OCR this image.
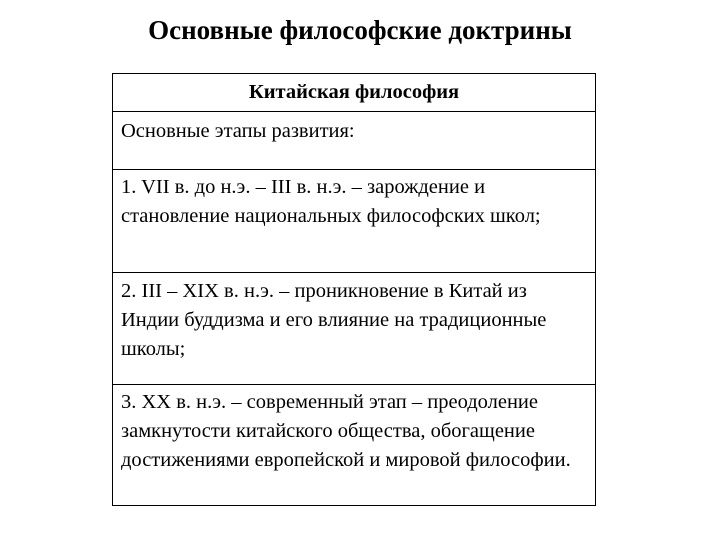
Основные философские доктрины
Китайская философия
Основные этапы развития:
1. VII в. до н.э. – III в. н.э. – зарождение и становление национальных философских школ;
2. III – XIX в. н.э. – проникновение в Китай из Индии буддизма и его влияние на традиционные школы;
3. XX в. н.э. – современный этап – преодоление замкнутости китайского общества, обогащение достижениями европейской и мировой философии.
